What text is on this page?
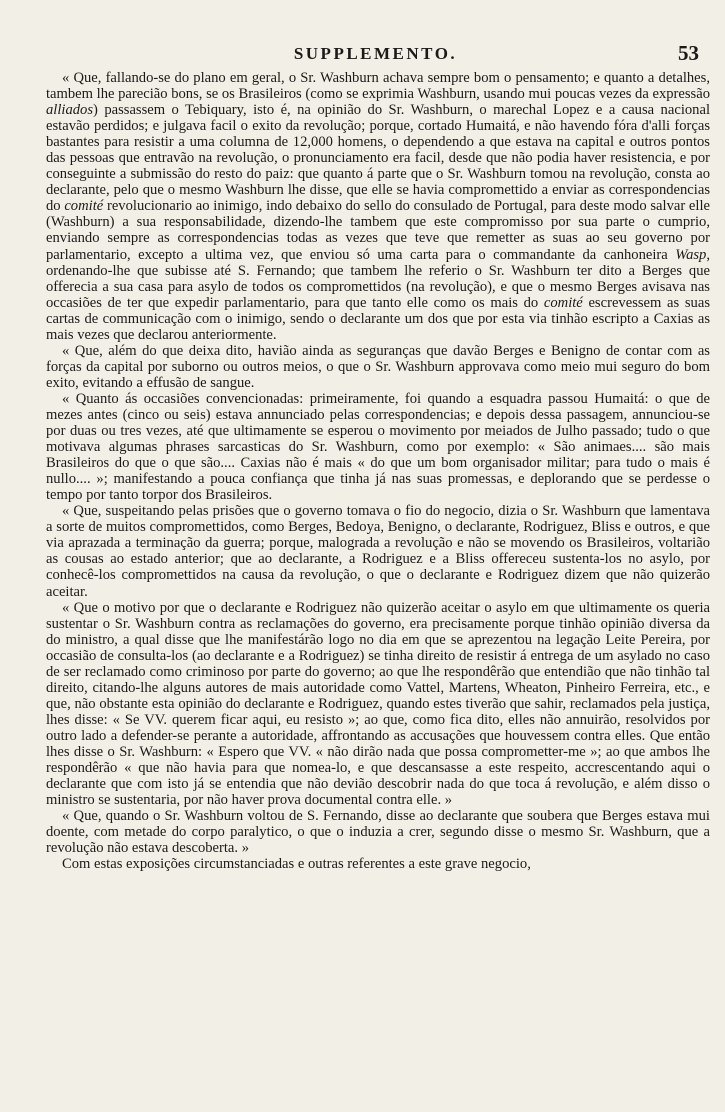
SUPPLEMENTO.	53

« Que, fallando-se do plano em geral, o Sr. Washburn achava sempre bom o pensamento; e quanto a detalhes, tambem lhe parecião bons, se os Brasileiros (como se exprimia Washburn, usando mui poucas vezes da expressão alliados) passassem o Tebiquary, isto é, na opinião do Sr. Washburn, o marechal Lopez e a causa nacional estavão perdidos; e julgava facil o exito da revolução; porque, cortado Humaitá, e não havendo fóra d'alli forças bastantes para resistir a uma columna de 12,000 homens, o dependendo a que estava na capital e outros pontos das pessoas que entravão na revolução, o pronunciamento era facil, desde que não podia haver resistencia, e por conseguinte a submissão do resto do paiz: que quanto á parte que o Sr. Washburn tomou na revolução, consta ao declarante, pelo que o mesmo Washburn lhe disse, que elle se havia compromettido a enviar as correspondencias do comité revolucionario ao inimigo, indo debaixo do sello do consulado de Portugal, para deste modo salvar elle (Washburn) a sua responsabilidade, dizendo-lhe tambem que este compromisso por sua parte o cumprio, enviando sempre as correspondencias todas as vezes que teve que remetter as suas ao seu governo por parlamentario, excepto a ultima vez, que enviou só uma carta para o commandante da canhoneira Wasp, ordenando-lhe que subisse até S. Fernando; que tambem lhe referio o Sr. Washburn ter dito a Berges que offerecia a sua casa para asylo de todos os compromettidos (na revolução), e que o mesmo Berges avisava nas occasiões de ter que expedir parlamentario, para que tanto elle como os mais do comité escrevessem as suas cartas de communicação com o inimigo, sendo o declarante um dos que por esta via tinhão escripto a Caxias as mais vezes que declarou anteriormente.

« Que, além do que deixa dito, havião ainda as seguranças que davão Berges e Benigno de contar com as forças da capital por suborno ou outros meios, o que o Sr. Washburn approvava como meio mui seguro do bom exito, evitando a effusão de sangue.

« Quanto ás occasiões convencionadas: primeiramente, foi quando a esquadra passou Humaitá: o que de mezes antes (cinco ou seis) estava annunciado pelas correspondencias; e depois dessa passagem, annunciou-se por duas ou tres vezes, até que ultimamente se esperou o movimento por meiados de Julho passado; tudo o que motivava algumas phrases sarcasticas do Sr. Washburn, como por exemplo: « São animaes.... são mais Brasileiros do que o que são.... Caxias não é mais « do que um bom organisador militar; para tudo o mais é nullo.... »; manifestando a pouca confiança que tinha já nas suas promessas, e deplorando que se perdesse o tempo por tanto torpor dos Brasileiros.

« Que, suspeitando pelas prisões que o governo tomava o fio do negocio, dizia o Sr. Washburn que lamentava a sorte de muitos compromettidos, como Berges, Bedoya, Benigno, o declarante, Rodriguez, Bliss e outros, e que via aprazada a terminação da guerra; porque, malograda a revolução e não se movendo os Brasileiros, voltarião as cousas ao estado anterior; que ao declarante, a Rodriguez e a Bliss offereceu sustenta-los no asylo, por conhecê-los compromettidos na causa da revolução, o que o declarante e Rodriguez dizem que não quizerão aceitar.

« Que o motivo por que o declarante e Rodriguez não quizerão aceitar o asylo em que ultimamente os queria sustentar o Sr. Washburn contra as reclamações do governo, era precisamente porque tinhão opinião diversa da do ministro, a qual disse que lhe manifestárão logo no dia em que se aprezentou na legação Leite Pereira, por occasião de consulta-los (ao declarante e a Rodriguez) se tinha direito de resistir á entrega de um asylado no caso de ser reclamado como criminoso por parte do governo; ao que lhe respondêrão que entendião que não tinhão tal direito, citando-lhe alguns autores de mais autoridade como Vattel, Martens, Wheaton, Pinheiro Ferreira, etc., e que, não obstante esta opinião do declarante e Rodriguez, quando estes tiverão que sahir, reclamados pela justiça, lhes disse: « Se VV. querem ficar aqui, eu resisto »; ao que, como fica dito, elles não annuirão, resolvidos por outro lado a defender-se perante a autoridade, affrontando as accusações que houvessem contra elles. Que então lhes disse o Sr. Washburn: « Espero que VV. « não dirão nada que possa comprometter-me »; ao que ambos lhe respondêrão « que não havia para que nomea-lo, e que descansasse a este respeito, accrescentando aqui o declarante que com isto já se entendia que não devião descobrir nada do que toca á revolução, e além disso o ministro se sustentaria, por não haver prova documental contra elle. »

« Que, quando o Sr. Washburn voltou de S. Fernando, disse ao declarante que soubera que Berges estava mui doente, com metade do corpo paralytico, o que o induzia a crer, segundo disse o mesmo Sr. Washburn, que a revolução não estava descoberta. »

Com estas exposições circumstanciadas e outras referentes a este grave negocio,
